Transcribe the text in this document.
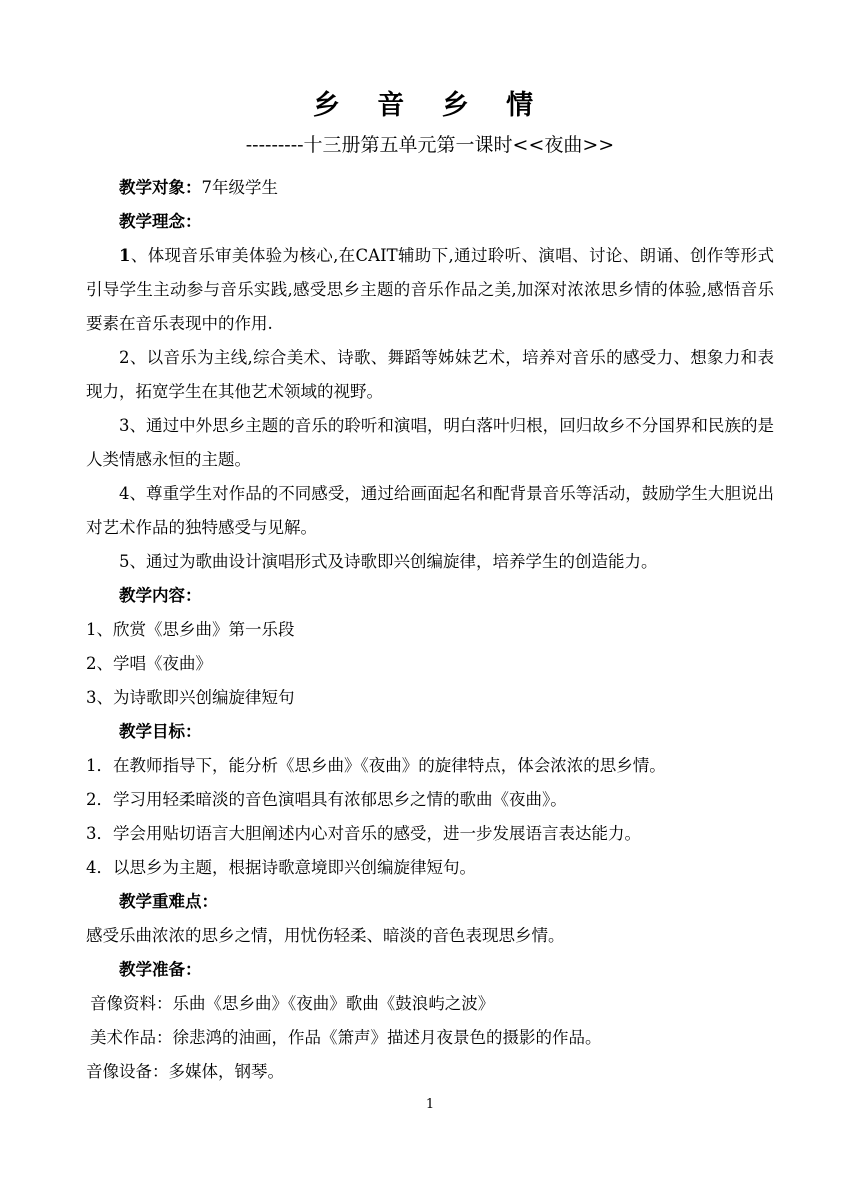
乡 音 乡 情
---------十三册第五单元第一课时<<夜曲>>
教学对象：7年级学生
教学理念：
1、体现音乐审美体验为核心,在CAIT辅助下,通过聆听、演唱、讨论、朗诵、创作等形式引导学生主动参与音乐实践,感受思乡主题的音乐作品之美,加深对浓浓思乡情的体验,感悟音乐要素在音乐表现中的作用.
2、以音乐为主线,综合美术、诗歌、舞蹈等姊妹艺术，培养对音乐的感受力、想象力和表现力，拓宽学生在其他艺术领域的视野。
3、通过中外思乡主题的音乐的聆听和演唱，明白落叶归根，回归故乡不分国界和民族的是人类情感永恒的主题。
4、尊重学生对作品的不同感受，通过给画面起名和配背景音乐等活动，鼓励学生大胆说出对艺术作品的独特感受与见解。
5、通过为歌曲设计演唱形式及诗歌即兴创编旋律，培养学生的创造能力。
教学内容：
1、欣赏《思乡曲》第一乐段
2、学唱《夜曲》
3、为诗歌即兴创编旋律短句
教学目标：
1．在教师指导下，能分析《思乡曲》《夜曲》的旋律特点，体会浓浓的思乡情。
2．学习用轻柔暗淡的音色演唱具有浓郁思乡之情的歌曲《夜曲》。
3．学会用贴切语言大胆阐述内心对音乐的感受，进一步发展语言表达能力。
4．以思乡为主题，根据诗歌意境即兴创编旋律短句。
教学重难点：
感受乐曲浓浓的思乡之情，用忧伤轻柔、暗淡的音色表现思乡情。
教学准备：
音像资料：乐曲《思乡曲》《夜曲》歌曲《鼓浪屿之波》
美术作品：徐悲鸿的油画，作品《箫声》描述月夜景色的摄影的作品。
音像设备：多媒体，钢琴。
1
